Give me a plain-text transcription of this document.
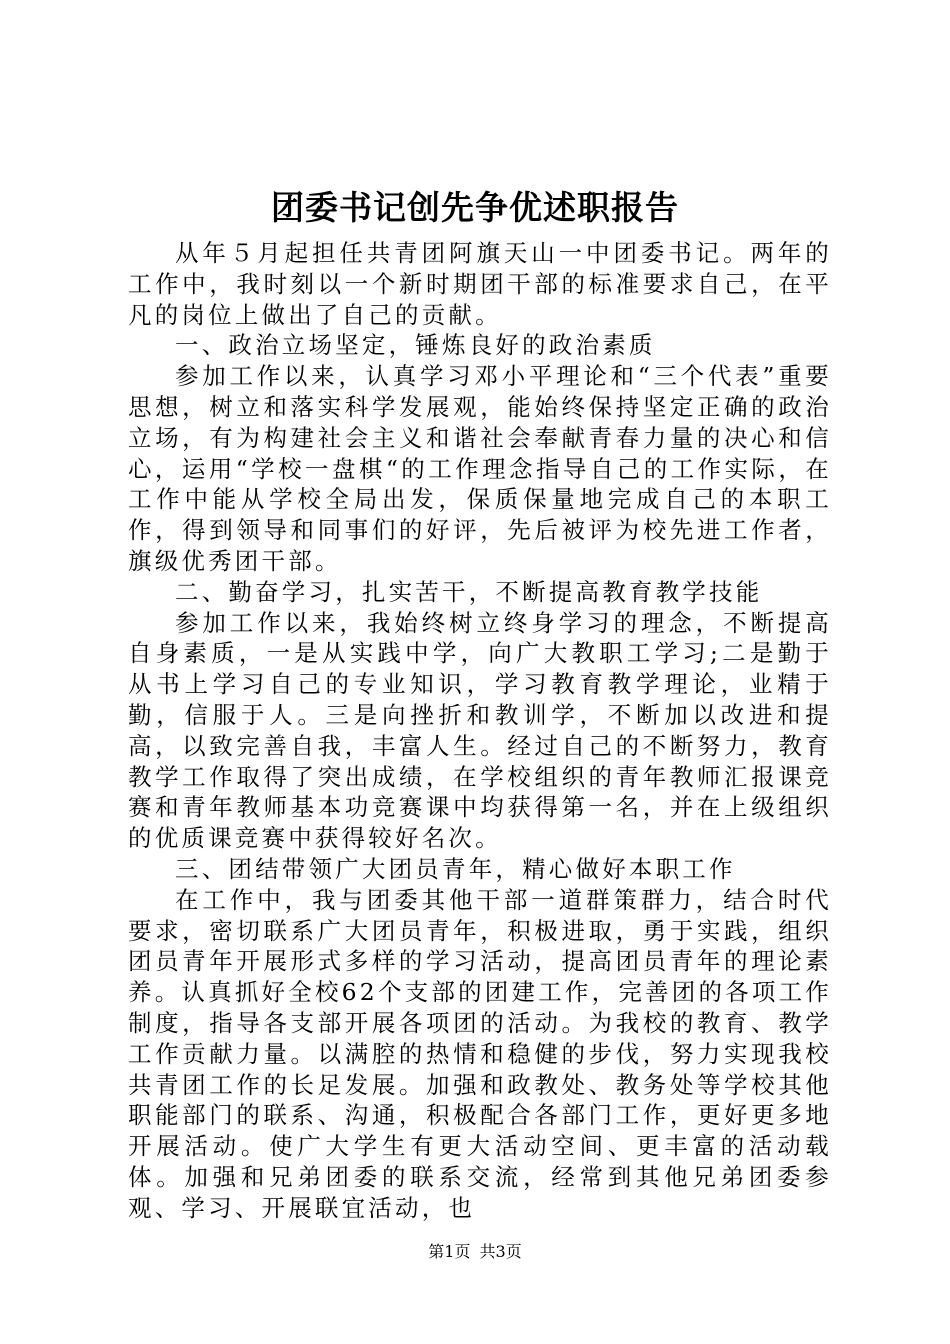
团委书记创先争优述职报告

从年５月起担任共青团阿旗天山一中团委书记。两年的工作中，我时刻以一个新时期团干部的标准要求自己，在平凡的岗位上做出了自己的贡献。

一、政治立场坚定，锤炼良好的政治素质

参加工作以来，认真学习邓小平理论和“三个代表”重要思想，树立和落实科学发展观，能始终保持坚定正确的政治立场，有为构建社会主义和谐社会奉献青春力量的决心和信心，运用“学校一盘棋“的工作理念指导自己的工作实际，在工作中能从学校全局出发，保质保量地完成自己的本职工作，得到领导和同事们的好评，先后被评为校先进工作者，旗级优秀团干部。

二、勤奋学习，扎实苦干，不断提高教育教学技能

参加工作以来，我始终树立终身学习的理念，不断提高自身素质，一是从实践中学，向广大教职工学习;二是勤于从书上学习自己的专业知识，学习教育教学理论，业精于勤，信服于人。三是向挫折和教训学，不断加以改进和提高，以致完善自我，丰富人生。经过自己的不断努力，教育教学工作取得了突出成绩，在学校组织的青年教师汇报课竞赛和青年教师基本功竞赛课中均获得第一名，并在上级组织的优质课竞赛中获得较好名次。

三、团结带领广大团员青年，精心做好本职工作

在工作中，我与团委其他干部一道群策群力，结合时代要求，密切联系广大团员青年，积极进取，勇于实践，组织团员青年开展形式多样的学习活动，提高团员青年的理论素养。认真抓好全校62个支部的团建工作，完善团的各项工作制度，指导各支部开展各项团的活动。为我校的教育、教学工作贡献力量。以满腔的热情和稳健的步伐，努力实现我校共青团工作的长足发展。加强和政教处、教务处等学校其他职能部门的联系、沟通，积极配合各部门工作，更好更多地开展活动。使广大学生有更大活动空间、更丰富的活动载体。加强和兄弟团委的联系交流，经常到其他兄弟团委参观、学习、开展联宜活动，也

第1页 共3页
